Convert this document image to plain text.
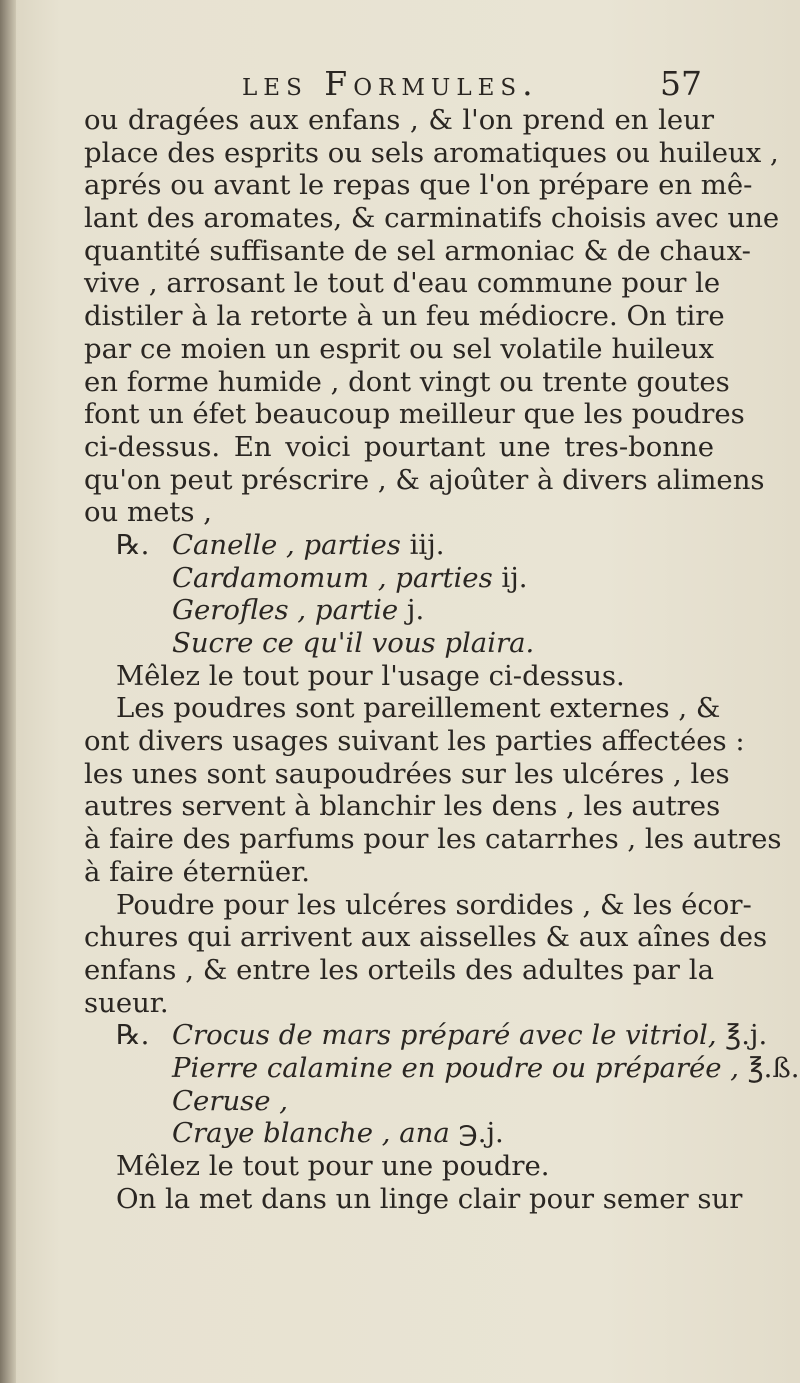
les Formules.	57
ou dragées aux enfans , & l'on prend en leur
place des esprits ou sels aromatiques ou huileux ,
aprés ou avant le repas que l'on prépare en mê-
lant des aromates, & carminatifs choisis avec une
quantité suffisante de sel armoniac & de chaux-
vive , arrosant le tout d'eau commune pour le
distiler à la retorte à un feu médiocre. On tire
par ce moien un esprit ou sel volatile huileux
en forme humide , dont vingt ou trente goutes
font un éfet beaucoup meilleur que les poudres
ci-dessus. En voici pourtant une tres-bonne
qu'on peut préscrire , & ajoûter à divers alimens
ou mets ,
℞. Canelle , parties iij.
Cardamomum , parties ij.
Gerofles , partie j.
Sucre ce qu'il vous plaira.
Mêlez le tout pour l'usage ci-dessus.
Les poudres sont pareillement externes , &
ont divers usages suivant les parties affectées :
les unes sont saupoudrées sur les ulcéres , les
autres servent à blanchir les dens , les autres
à faire des parfums pour les catarrhes , les autres
à faire éternüer.
Poudre pour les ulcéres sordides , & les écor-
chures qui arrivent aux aisselles & aux aînes des
enfans , & entre les orteils des adultes par la
sueur.
℞. Crocus de mars préparé avec le vitriol, ℥.j.
Pierre calamine en poudre ou préparée , ℥.ß.
Ceruse ,
Craye blanche , ana ℈.j.
Mêlez le tout pour une poudre.
On la met dans un linge clair pour semer sur
